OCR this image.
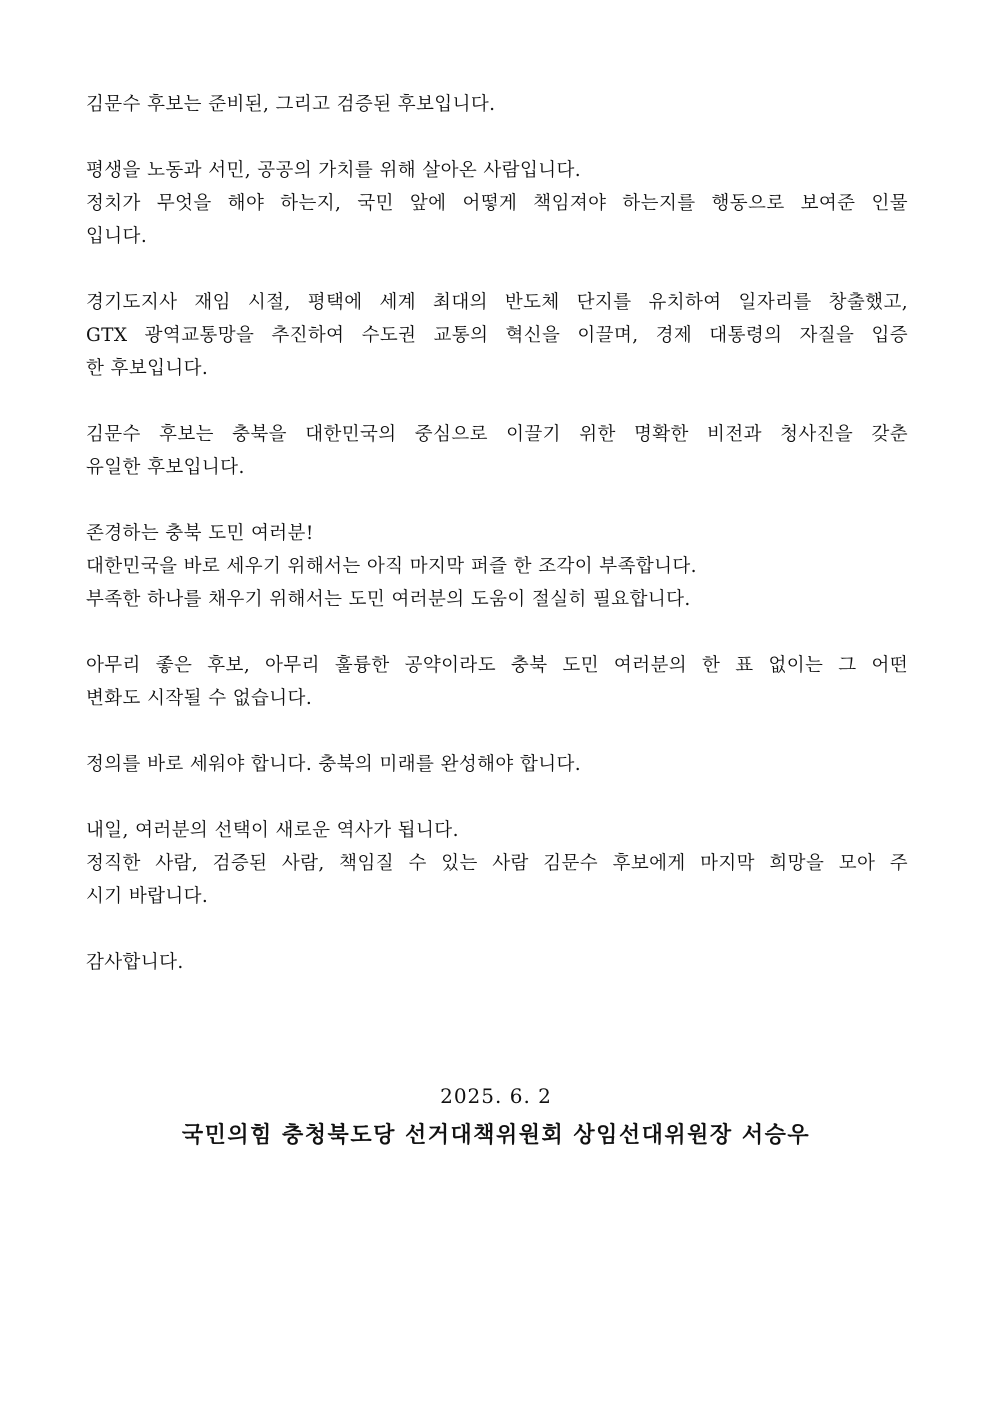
김문수 후보는 준비된, 그리고 검증된 후보입니다.
평생을 노동과 서민, 공공의 가치를 위해 살아온 사람입니다.
정치가 무엇을 해야 하는지, 국민 앞에 어떻게 책임져야 하는지를 행동으로 보여준 인물
입니다.
경기도지사 재임 시절, 평택에 세계 최대의 반도체 단지를 유치하여 일자리를 창출했고,
GTX 광역교통망을 추진하여 수도권 교통의 혁신을 이끌며, 경제 대통령의 자질을 입증
한 후보입니다.
김문수 후보는 충북을 대한민국의 중심으로 이끌기 위한 명확한 비전과 청사진을 갖춘
유일한 후보입니다.
존경하는 충북 도민 여러분!
대한민국을 바로 세우기 위해서는 아직 마지막 퍼즐 한 조각이 부족합니다.
부족한 하나를 채우기 위해서는 도민 여러분의 도움이 절실히 필요합니다.
아무리 좋은 후보, 아무리 훌륭한 공약이라도 충북 도민 여러분의 한 표 없이는 그 어떤
변화도 시작될 수 없습니다.
정의를 바로 세워야 합니다. 충북의 미래를 완성해야 합니다.
내일, 여러분의 선택이 새로운 역사가 됩니다.
정직한 사람, 검증된 사람, 책임질 수 있는 사람 김문수 후보에게 마지막 희망을 모아 주
시기 바랍니다.
감사합니다.
2025. 6. 2
국민의힘 충청북도당 선거대책위원회 상임선대위원장 서승우
